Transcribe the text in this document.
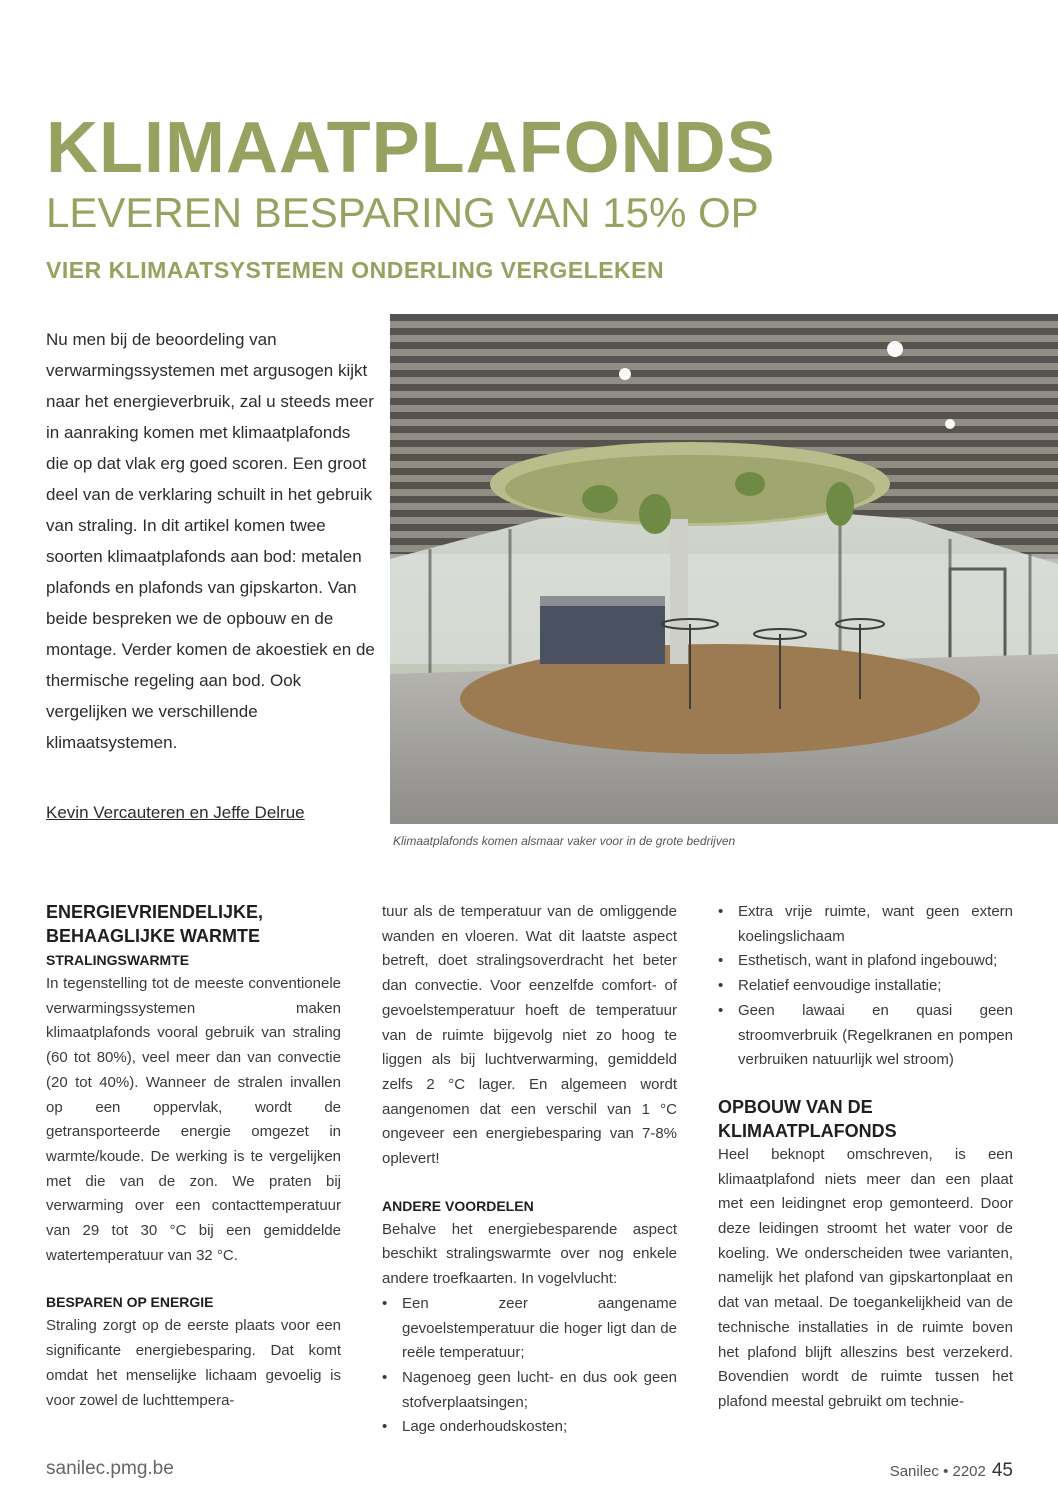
KLIMAATPLAFONDS
LEVEREN BESPARING VAN 15% OP
VIER KLIMAATSYSTEMEN ONDERLING VERGELEKEN

Nu men bij de beoordeling van verwarmingssystemen met argusogen kijkt naar het energieverbruik, zal u steeds meer in aanraking komen met klimaatplafonds die op dat vlak erg goed scoren. Een groot deel van de verklaring schuilt in het gebruik van straling. In dit artikel komen twee soorten klimaatplafonds aan bod: metalen plafonds en plafonds van gipskarton. Van beide bespreken we de opbouw en de montage. Verder komen de akoestiek en de thermische regeling aan bod. Ook vergelijken we verschillende klimaatsystemen.

Kevin Vercauteren en Jeffe Delrue
Klimaatplafonds komen alsmaar vaker voor in de grote bedrijven
ENERGIEVRIENDELIJKE, BEHAAGLIJKE WARMTE
STRALINGSWARMTE

In tegenstelling tot de meeste conventionele verwarmingssystemen maken klimaatplafonds vooral gebruik van straling (60 tot 80%), veel meer dan van convectie (20 tot 40%). Wanneer de stralen invallen op een oppervlak, wordt de getransporteerde energie omgezet in warmte/koude. De werking is te vergelijken met die van de zon. We praten bij verwarming over een contacttemperatuur van 29 tot 30 °C bij een gemiddelde watertemperatuur van 32 °C.

BESPAREN OP ENERGIE

Straling zorgt op de eerste plaats voor een significante energiebesparing. Dat komt omdat het menselijke lichaam gevoelig is voor zowel de luchttempera-

tuur als de temperatuur van de omliggende wanden en vloeren. Wat dit laatste aspect betreft, doet stralingsoverdracht het beter dan convectie. Voor eenzelfde comfort- of gevoelstemperatuur hoeft de temperatuur van de ruimte bijgevolg niet zo hoog te liggen als bij luchtverwarming, gemiddeld zelfs 2 °C lager. En algemeen wordt aangenomen dat een verschil van 1 °C ongeveer een energiebesparing van 7-8% oplevert!

ANDERE VOORDELEN

Behalve het energiebesparende aspect beschikt stralingswarmte over nog enkele andere troefkaarten. In vogelvlucht:

• Een zeer aangename gevoelstemperatuur die hoger ligt dan de reële temperatuur;
• Nagenoeg geen lucht- en dus ook geen stofverplaatsingen;
• Lage onderhoudskosten;
• Extra vrije ruimte, want geen extern koelingslichaam
• Esthetisch, want in plafond ingebouwd;
• Relatief eenvoudige installatie;
• Geen lawaai en quasi geen stroomverbruik (Regelkranen en pompen verbruiken natuurlijk wel stroom)
OPBOUW VAN DE KLIMAATPLAFONDS

Heel beknopt omschreven, is een klimaatplafond niets meer dan een plaat met een leidingnet erop gemonteerd. Door deze leidingen stroomt het water voor de koeling. We onderscheiden twee varianten, namelijk het plafond van gipskartonplaat en dat van metaal. De toegankelijkheid van de technische installaties in de ruimte boven het plafond blijft alleszins best verzekerd. Bovendien wordt de ruimte tussen het plafond meestal gebruikt om technie-

sanilec.pmg.be	Sanilec • 2202 45
